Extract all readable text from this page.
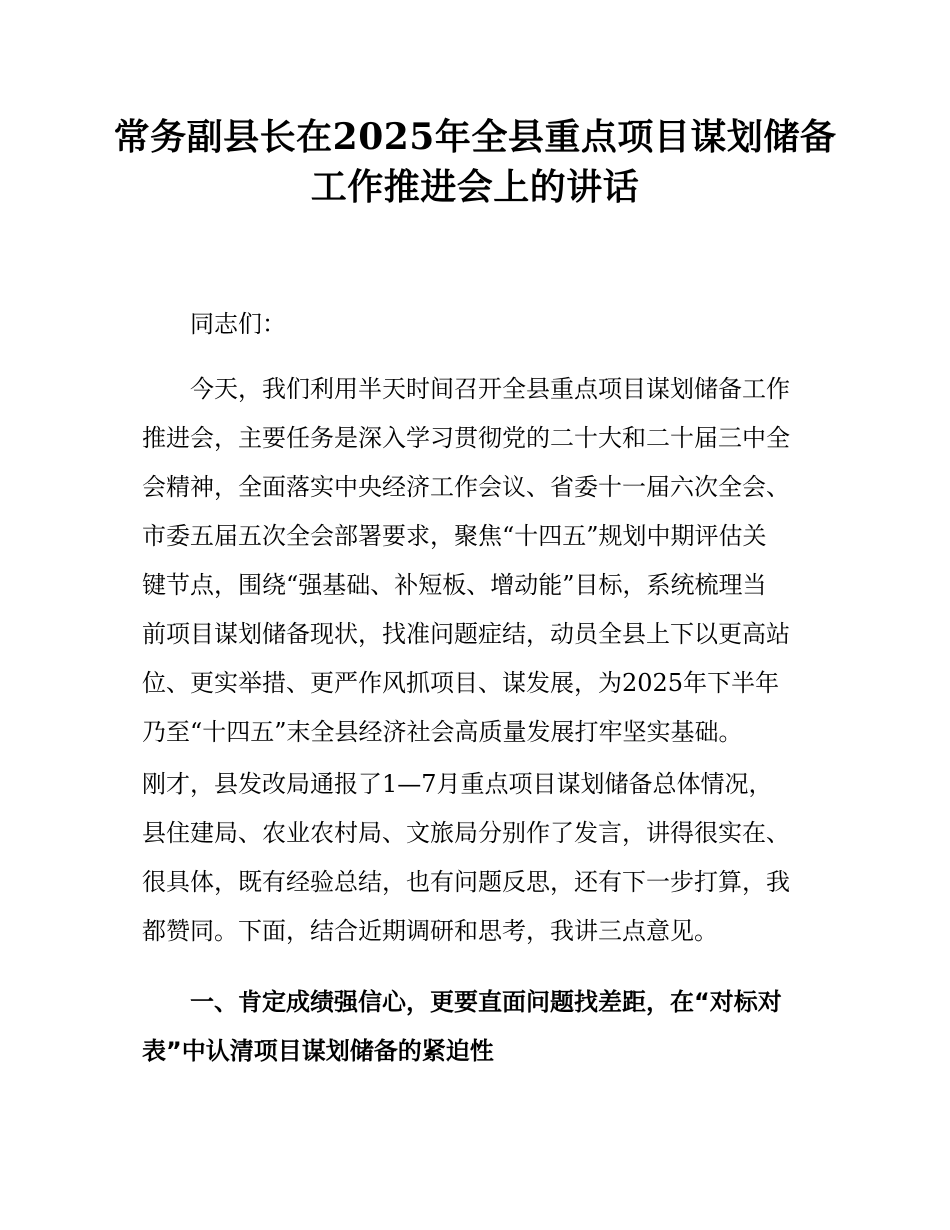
常务副县长在2025年全县重点项目谋划储备
工作推进会上的讲话

同志们：

今天，我们利用半天时间召开全县重点项目谋划储备工作
推进会，主要任务是深入学习贯彻党的二十大和二十届三中全
会精神，全面落实中央经济工作会议、省委十一届六次全会、
市委五届五次全会部署要求，聚焦“十四五”规划中期评估关
键节点，围绕“强基础、补短板、增动能”目标，系统梳理当
前项目谋划储备现状，找准问题症结，动员全县上下以更高站
位、更实举措、更严作风抓项目、谋发展，为2025年下半年
乃至“十四五”末全县经济社会高质量发展打牢坚实基础。

刚才，县发改局通报了1—7月重点项目谋划储备总体情况，
县住建局、农业农村局、文旅局分别作了发言，讲得很实在、
很具体，既有经验总结，也有问题反思，还有下一步打算，我
都赞同。下面，结合近期调研和思考，我讲三点意见。

一、肯定成绩强信心，更要直面问题找差距，在“对标对
表”中认清项目谋划储备的紧迫性
